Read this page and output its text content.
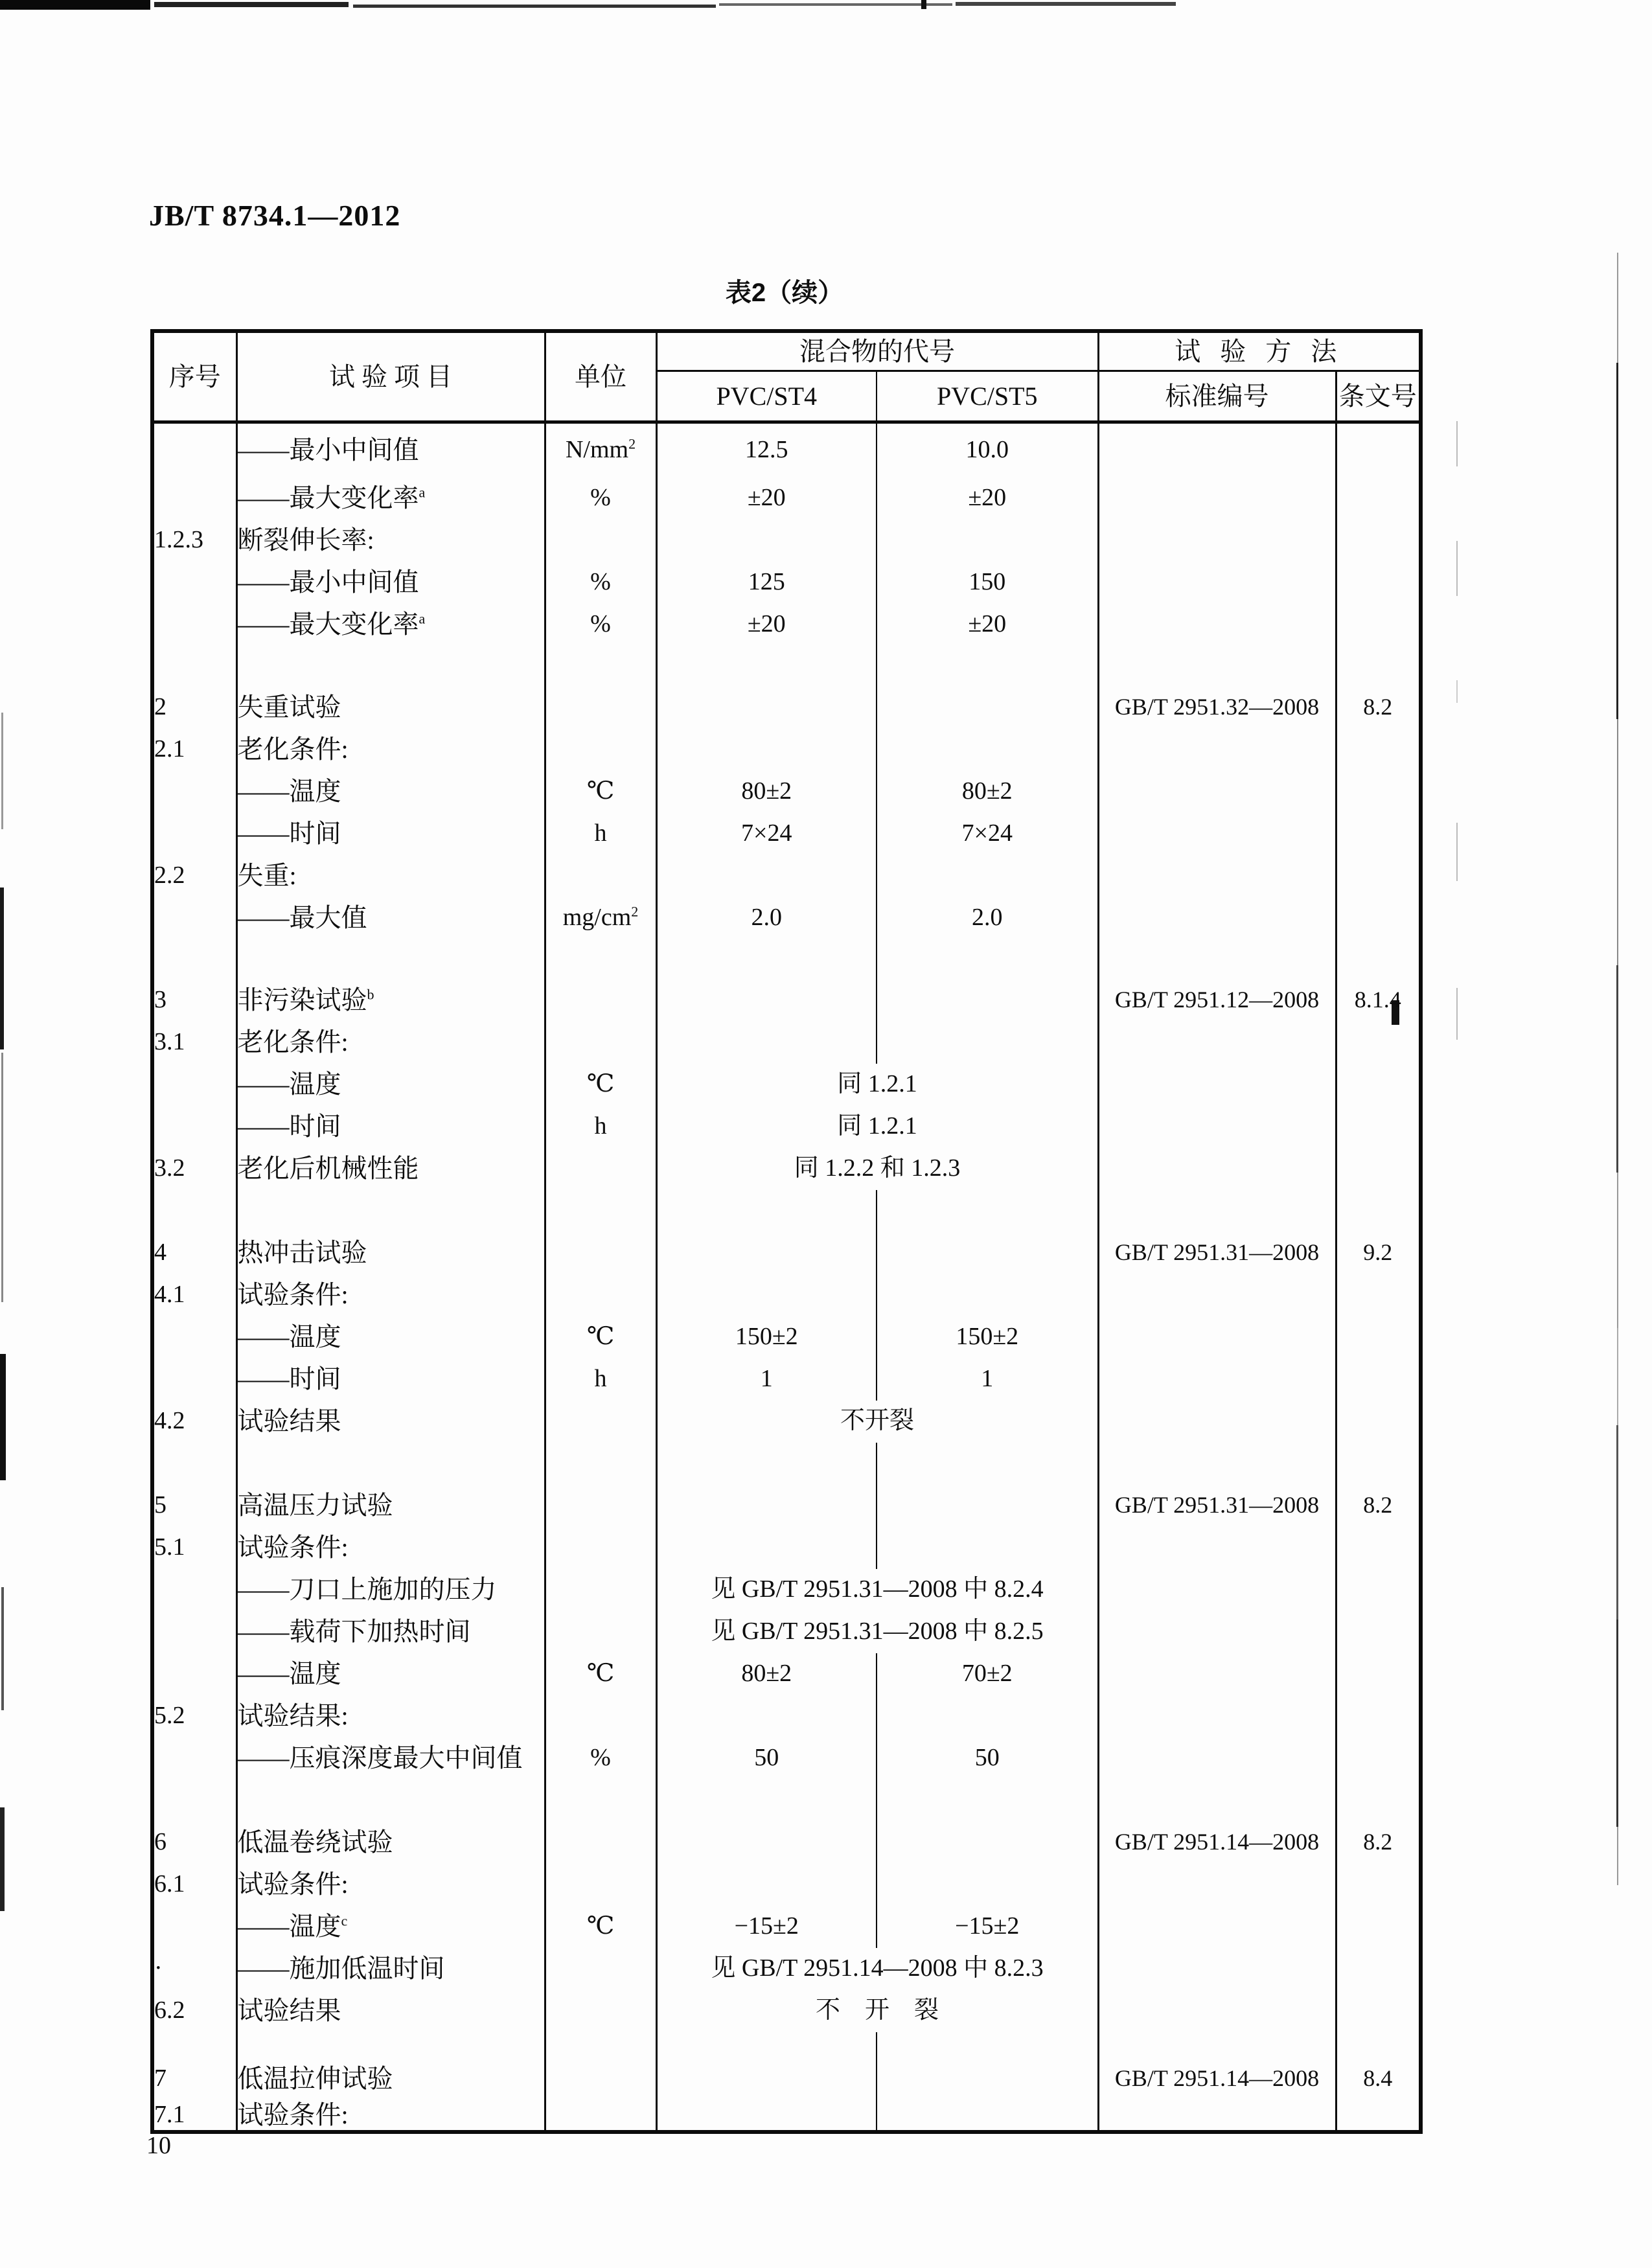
JB/T 8734.1—2012
表2（续）
序号	试 验 项 目	单位	混合物的代号		试 验 方 法	
			PVC/ST4	PVC/ST5	标准编号	条文号
	——最小中间值	$N/mm^2$	12.5	10.0		
	——最大变化率$^a$	%	±20	±20		
1.2.3	断裂伸长率:					
	——最小中间值	%	125	150		
	——最大变化率$^a$	%	±20	±20		

2	失重试验				GB/T 2951.32—2008	8.2
2.1	老化条件:					
	——温度	℃	80±2	80±2		
	——时间	h	7×24	7×24		
2.2	失重:					
	——最大值	$mg/cm^2$	2.0	2.0		

3	非污染试验$^b$				GB/T 2951.12—2008	8.1.4
3.1	老化条件:					
	——温度	℃	同 1.2.1			
	——时间	h	同 1.2.1			
3.2	老化后机械性能		同 1.2.2 和 1.2.3			

4	热冲击试验				GB/T 2951.31—2008	9.2
4.1	试验条件:					
	——温度	℃	150±2	150±2		
	——时间	h	1	1		
4.2	试验结果		不开裂			

5	高温压力试验				GB/T 2951.31—2008	8.2
5.1	试验条件:					
	——刀口上施加的压力		见 GB/T 2951.31—2008 中 8.2.4			
	——载荷下加热时间		见 GB/T 2951.31—2008 中 8.2.5			
	——温度	℃	80±2	70±2		
5.2	试验结果:					
	——压痕深度最大中间值	%	50	50		

6	低温卷绕试验				GB/T 2951.14—2008	8.2
6.1	试验条件:					
	——温度$^c$	℃	−15±2	−15±2		
·	——施加低温时间		见 GB/T 2951.14—2008 中 8.2.3			
6.2	试验结果		不　开　裂			

7	低温拉伸试验				GB/T 2951.14—2008	8.4
7.1	试验条件:					
10
